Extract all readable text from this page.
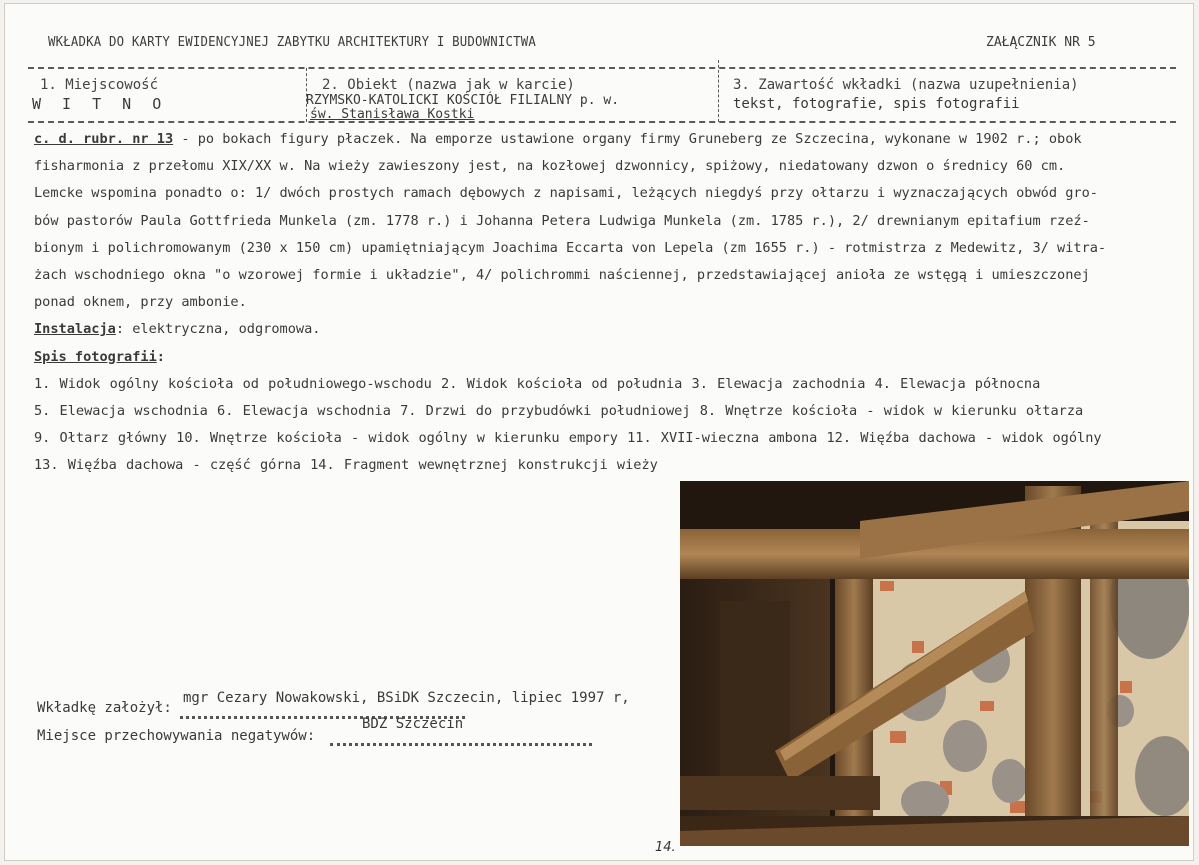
WKŁADKA DO KARTY EWIDENCYJNEJ ZABYTKU ARCHITEKTURY I BUDOWNICTWA	ZAŁĄCZNIK NR 5
1. Miejscowość
W I T N O
2. Obiekt (nazwa jak w karcie)
RZYMSKO-KATOLICKI KOŚCIÓŁ FILIALNY p. w.
św. Stanisława Kostki
3. Zawartość wkładki (nazwa uzupełnienia)
tekst, fotografie, spis fotografii
c. d. rubr. nr 13 - po bokach figury płaczek. Na emporze ustawione organy firmy Gruneberg ze Szczecina, wykonane w 1902 r.; obok
fisharmonia z przełomu XIX/XX w. Na wieży zawieszony jest, na kozłowej dzwonnicy, spiżowy, niedatowany dzwon o średnicy 60 cm.
Lemcke wspomina ponadto o: 1/ dwóch prostych ramach dębowych z napisami, leżących niegdyś przy ołtarzu i wyznaczających obwód gro-
bów pastorów Paula Gottfrieda Munkela (zm. 1778 r.) i Johanna Petera Ludwiga Munkela (zm. 1785 r.), 2/ drewnianym epitafium rzeź-
bionym i polichromowanym (230 x 150 cm) upamiętniającym Joachima Eccarta von Lepela (zm 1655 r.) - rotmistrza z Medewitz, 3/ witra-
żach wschodniego okna "o wzorowej formie i układzie", 4/ polichrommi naściennej, przedstawiającej anioła ze wstęgą i umieszczonej
ponad oknem, przy ambonie.
Instalacja: elektryczna, odgromowa.
Spis fotografii:
1. Widok ogólny kościoła od południowego-wschodu 2. Widok kościoła od południa 3. Elewacja zachodnia 4. Elewacja północna
5. Elewacja wschodnia 6. Elewacja wschodnia 7. Drzwi do przybudówki południowej 8. Wnętrze kościoła - widok w kierunku ołtarza
9. Ołtarz główny 10. Wnętrze kościoła - widok ogólny w kierunku empory 11. XVII-wieczna ambona 12. Więźba dachowa - widok ogólny
13. Więźba dachowa - część górna 14. Fragment wewnętrznej konstrukcji wieży
Wkładkę założył:
mgr Cezary Nowakowski, BSiDK Szczecin, lipiec 1997 r,
Miejsce przechowywania negatywów:
BDZ Szczecin
14.
